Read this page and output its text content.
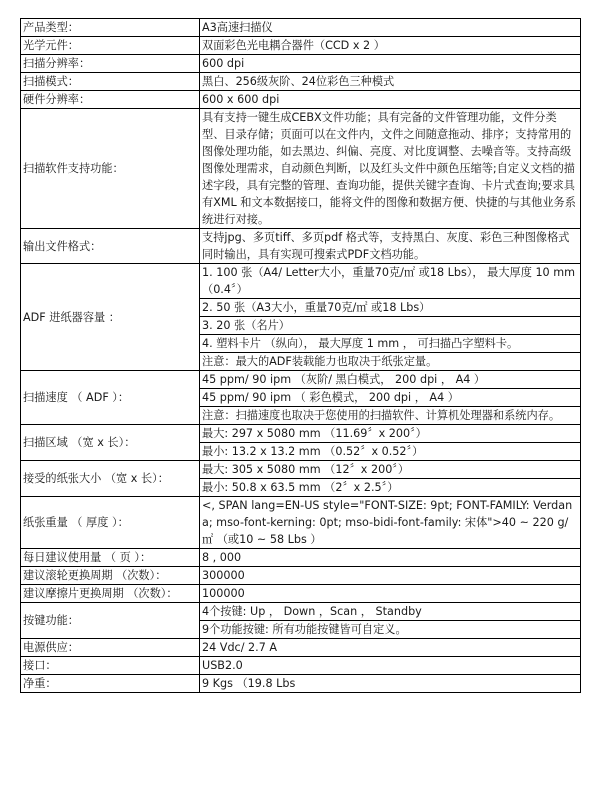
产品类型：	A3高速扫描仪
光学元件：	双面彩色光电耦合器件（CCD x 2 ）
扫描分辨率：	600 dpi
扫描模式：	黑白、256级灰阶、24位彩色三种模式
硬件分辨率：	600 x 600 dpi
扫描软件支持功能：	具有支持一键生成CEBX文件功能；具有完备的文件管理功能，文件分类型、目录存储；页面可以在文件内，文件之间随意拖动、排序；支持常用的图像处理功能，如去黑边、纠偏、亮度、对比度调整、去噪音等。支持高级图像处理需求，自动颜色判断，以及红头文件中颜色压缩等;自定义文档的描述字段，具有完整的管理、查询功能，提供关键字查询、卡片式查询;要求具有XML 和文本数据接口，能将文件的图像和数据方便、快捷的与其他业务系统进行对接。
输出文件格式：	支持jpg、多页tiff、多页pdf 格式等，支持黑白、灰度、彩色三种图像格式同时输出，具有实现可搜索式PDF文档功能。
ADF 进纸器容量 ：	1. 100 张（A4/ Letter大小，重量70克/㎡ 或18 Lbs）， 最大厚度 10 mm （0.4〞）
	2. 50 张（A3大小，重量70克/㎡ 或18 Lbs）
	3. 20 张（名片）
	4. 塑料卡片 （纵向）， 最大厚度 1 mm ， 可扫描凸字塑料卡。
	注意：最大的ADF装载能力也取决于纸张定量。
扫描速度 （ ADF ）：	45 ppm/ 90 ipm （灰阶/ 黑白模式， 200 dpi ， A4 ）
	45 ppm/ 90 ipm （ 彩色模式， 200 dpi ， A4 ）
	注意：扫描速度也取决于您使用的扫描软件、计算机处理器和系统内存。
扫描区域 （宽 x 长）：	最大: 297 x 5080 mm （11.69〞x 200〞）
	最小: 13.2 x 13.2 mm （0.52〞x 0.52〞）
接受的纸张大小 （宽 x 长）：	最大: 305 x 5080 mm （12〞x 200〞）
	最小: 50.8 x 63.5 mm （2〞x 2.5〞）
纸张重量 （ 厚度 ）：	<, SPAN lang=EN-US style="FONT-SIZE: 9pt; FONT-FAMILY: Verdana; mso-font-kerning: 0pt; mso-bidi-font-family: 宋体">40 ~ 220 g/㎡ （或10 ~ 58 Lbs ）
每日建议使用量 （ 页 ）：	8 , 000
建议滚轮更换周期 （次数）：	300000
建议摩擦片更换周期 （次数）：	100000
按键功能：	4个按键: Up ， Down ，Scan ， Standby
	9个功能按键: 所有功能按键皆可自定义。
电源供应：	24 Vdc/ 2.7 A
接口：	USB2.0
净重：	9 Kgs （19.8 Lbs
